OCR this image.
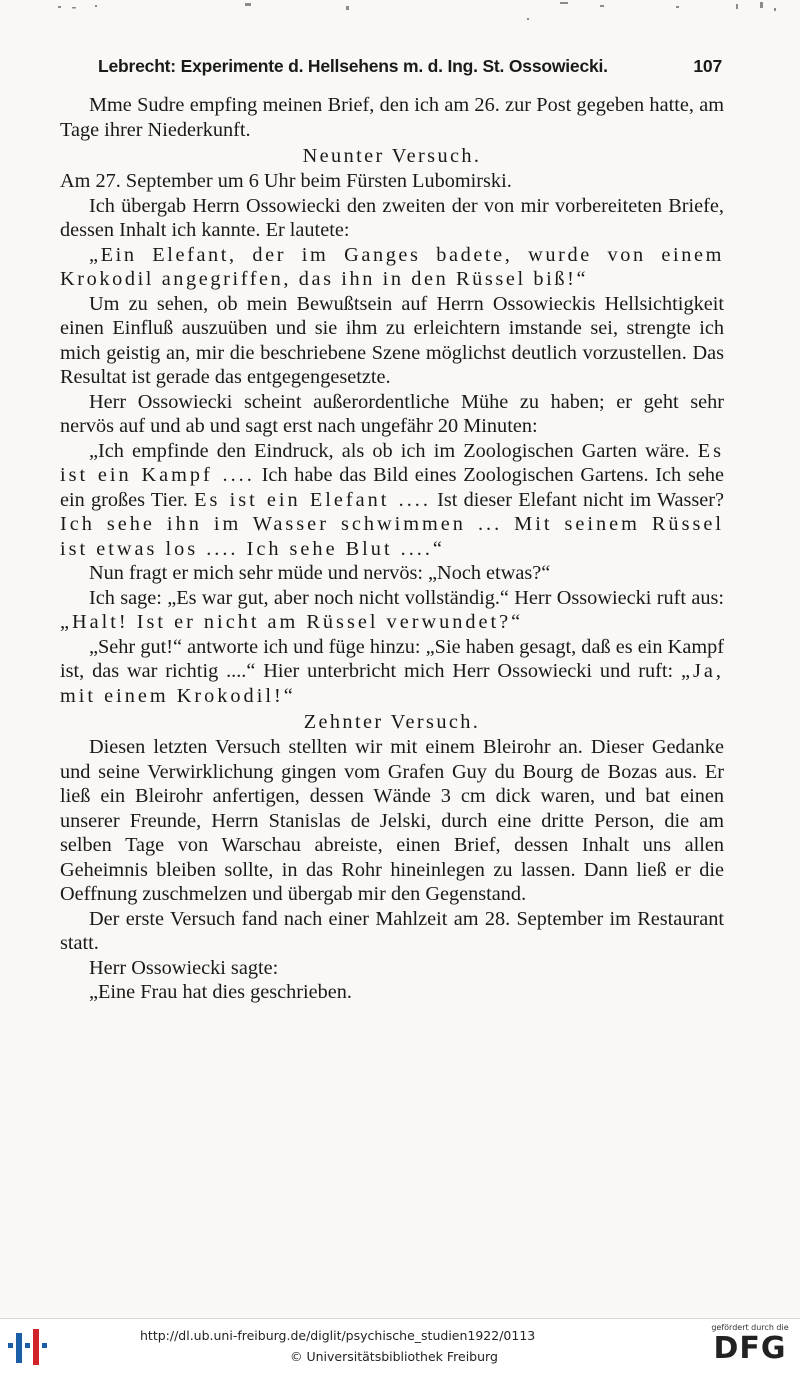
Lebrecht: Experimente d. Hellsehens m. d. Ing. St. Ossowiecki.	107

Mme Sudre empfing meinen Brief, den ich am 26. zur Post gegeben hatte, am Tage ihrer Niederkunft.

Neunter Versuch.

Am 27. September um 6 Uhr beim Fürsten Lubomirski.

Ich übergab Herrn Ossowiecki den zweiten der von mir vorbereiteten Briefe, dessen Inhalt ich kannte. Er lautete:

„Ein Elefant, der im Ganges badete, wurde von einem Krokodil angegriffen, das ihn in den Rüssel biß!“

Um zu sehen, ob mein Bewußtsein auf Herrn Ossowieckis Hellsichtigkeit einen Einfluß auszuüben und sie ihm zu erleichtern imstande sei, strengte ich mich geistig an, mir die beschriebene Szene möglichst deutlich vorzustellen. Das Resultat ist gerade das entgegengesetzte.

Herr Ossowiecki scheint außerordentliche Mühe zu haben; er geht sehr nervös auf und ab und sagt erst nach ungefähr 20 Minuten:

„Ich empfinde den Eindruck, als ob ich im Zoologischen Garten wäre. Es ist ein Kampf .... Ich habe das Bild eines Zoologischen Gartens. Ich sehe ein großes Tier. Es ist ein Elefant .... Ist dieser Elefant nicht im Wasser? Ich sehe ihn im Wasser schwimmen ... Mit seinem Rüssel ist etwas los .... Ich sehe Blut ....“

Nun fragt er mich sehr müde und nervös: „Noch etwas?“

Ich sage: „Es war gut, aber noch nicht vollständig.“ Herr Ossowiecki ruft aus: „Halt! Ist er nicht am Rüssel verwundet?“

„Sehr gut!“ antworte ich und füge hinzu: „Sie haben gesagt, daß es ein Kampf ist, das war richtig ....“ Hier unterbricht mich Herr Ossowiecki und ruft: „Ja, mit einem Krokodil!“

Zehnter Versuch.

Diesen letzten Versuch stellten wir mit einem Bleirohr an. Dieser Gedanke und seine Verwirklichung gingen vom Grafen Guy du Bourg de Bozas aus. Er ließ ein Bleirohr anfertigen, dessen Wände 3 cm dick waren, und bat einen unserer Freunde, Herrn Stanislas de Jelski, durch eine dritte Person, die am selben Tage von Warschau abreiste, einen Brief, dessen Inhalt uns allen Geheimnis bleiben sollte, in das Rohr hineinlegen zu lassen. Dann ließ er die Oeffnung zuschmelzen und übergab mir den Gegenstand.

Der erste Versuch fand nach einer Mahlzeit am 28. September im Restaurant statt.

Herr Ossowiecki sagte:

„Eine Frau hat dies geschrieben.

http://dl.ub.uni-freiburg.de/diglit/psychische_studien1922/0113
© Universitätsbibliothek Freiburg
gefördert durch die
DFG
